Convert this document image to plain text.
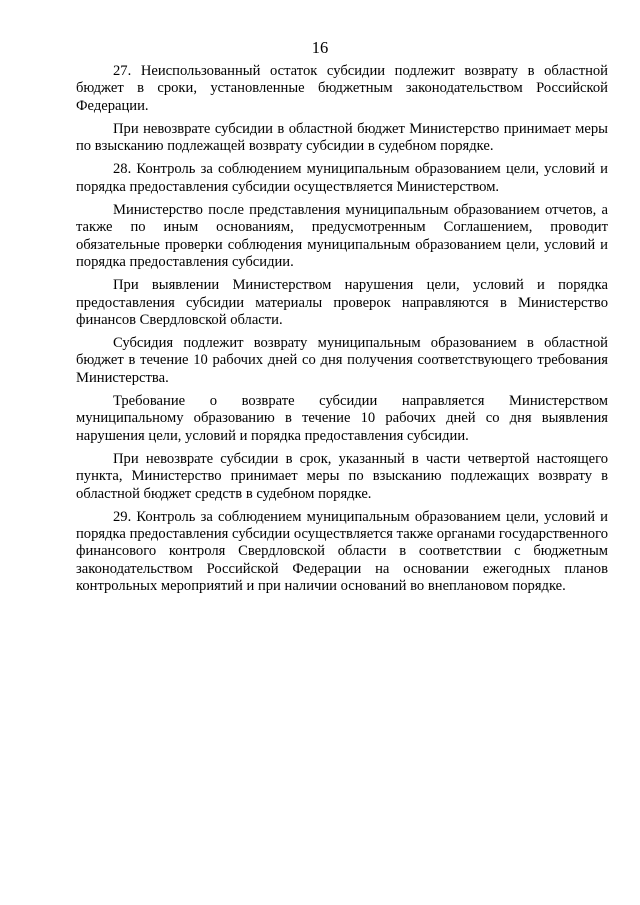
16

27. Неиспользованный остаток субсидии подлежит возврату в областной бюджет в сроки, установленные бюджетным законодательством Российской Федерации.

При невозврате субсидии в областной бюджет Министерство принимает меры по взысканию подлежащей возврату субсидии в судебном порядке.

28. Контроль за соблюдением муниципальным образованием цели, условий и порядка предоставления субсидии осуществляется Министерством.

Министерство после представления муниципальным образованием отчетов, а также по иным основаниям, предусмотренным Соглашением, проводит обязательные проверки соблюдения муниципальным образованием цели, условий и порядка предоставления субсидии.

При выявлении Министерством нарушения цели, условий и порядка предоставления субсидии материалы проверок направляются в Министерство финансов Свердловской области.

Субсидия подлежит возврату муниципальным образованием в областной бюджет в течение 10 рабочих дней со дня получения соответствующего требования Министерства.

Требование о возврате субсидии направляется Министерством муниципальному образованию в течение 10 рабочих дней со дня выявления нарушения цели, условий и порядка предоставления субсидии.

При невозврате субсидии в срок, указанный в части четвертой настоящего пункта, Министерство принимает меры по взысканию подлежащих возврату в областной бюджет средств в судебном порядке.

29. Контроль за соблюдением муниципальным образованием цели, условий и порядка предоставления субсидии осуществляется также органами государственного финансового контроля Свердловской области в соответствии с бюджетным законодательством Российской Федерации на основании ежегодных планов контрольных мероприятий и при наличии оснований во внеплановом порядке.
